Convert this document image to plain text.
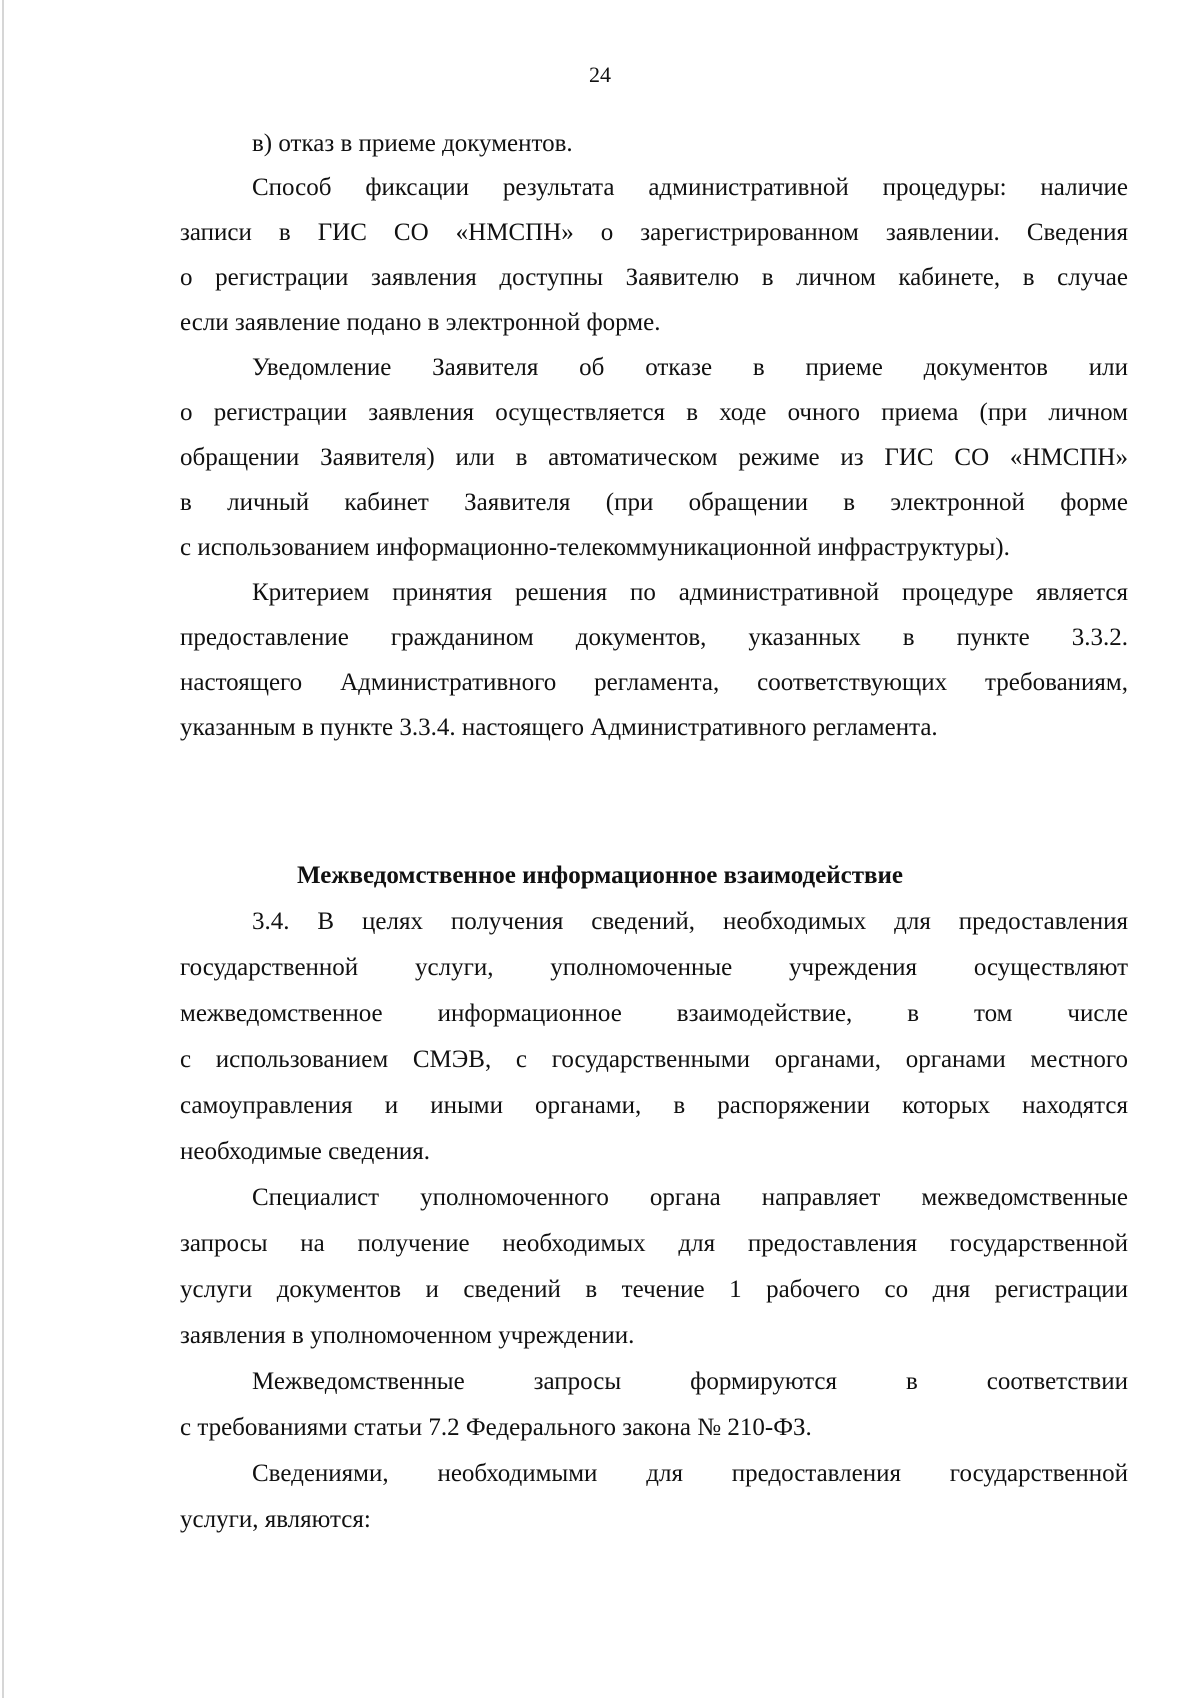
24
в) отказ в приеме документов.
Способ фиксации результата административной процедуры: наличие
записи в ГИС СО «НМСПН» о зарегистрированном заявлении. Сведения
о регистрации заявления доступны Заявителю в личном кабинете, в случае
если заявление подано в электронной форме.
Уведомление Заявителя об отказе в приеме документов или
о регистрации заявления осуществляется в ходе очного приема (при личном
обращении Заявителя) или в автоматическом режиме из ГИС СО «НМСПН»
в личный кабинет Заявителя (при обращении в электронной форме
с использованием информационно-телекоммуникационной инфраструктуры).
Критерием принятия решения по административной процедуре является
предоставление гражданином документов, указанных в пункте 3.3.2.
настоящего Административного регламента, соответствующих требованиям,
указанным в пункте 3.3.4. настоящего Административного регламента.
Межведомственное информационное взаимодействие
3.4. В целях получения сведений, необходимых для предоставления
государственной услуги, уполномоченные учреждения осуществляют
межведомственное информационное взаимодействие, в том числе
с использованием СМЭВ, с государственными органами, органами местного
самоуправления и иными органами, в распоряжении которых находятся
необходимые сведения.
Специалист уполномоченного органа направляет межведомственные
запросы на получение необходимых для предоставления государственной
услуги документов и сведений в течение 1 рабочего со дня регистрации
заявления в уполномоченном учреждении.
Межведомственные запросы формируются в соответствии
с требованиями статьи 7.2 Федерального закона № 210-ФЗ.
Сведениями, необходимыми для предоставления государственной
услуги, являются:
